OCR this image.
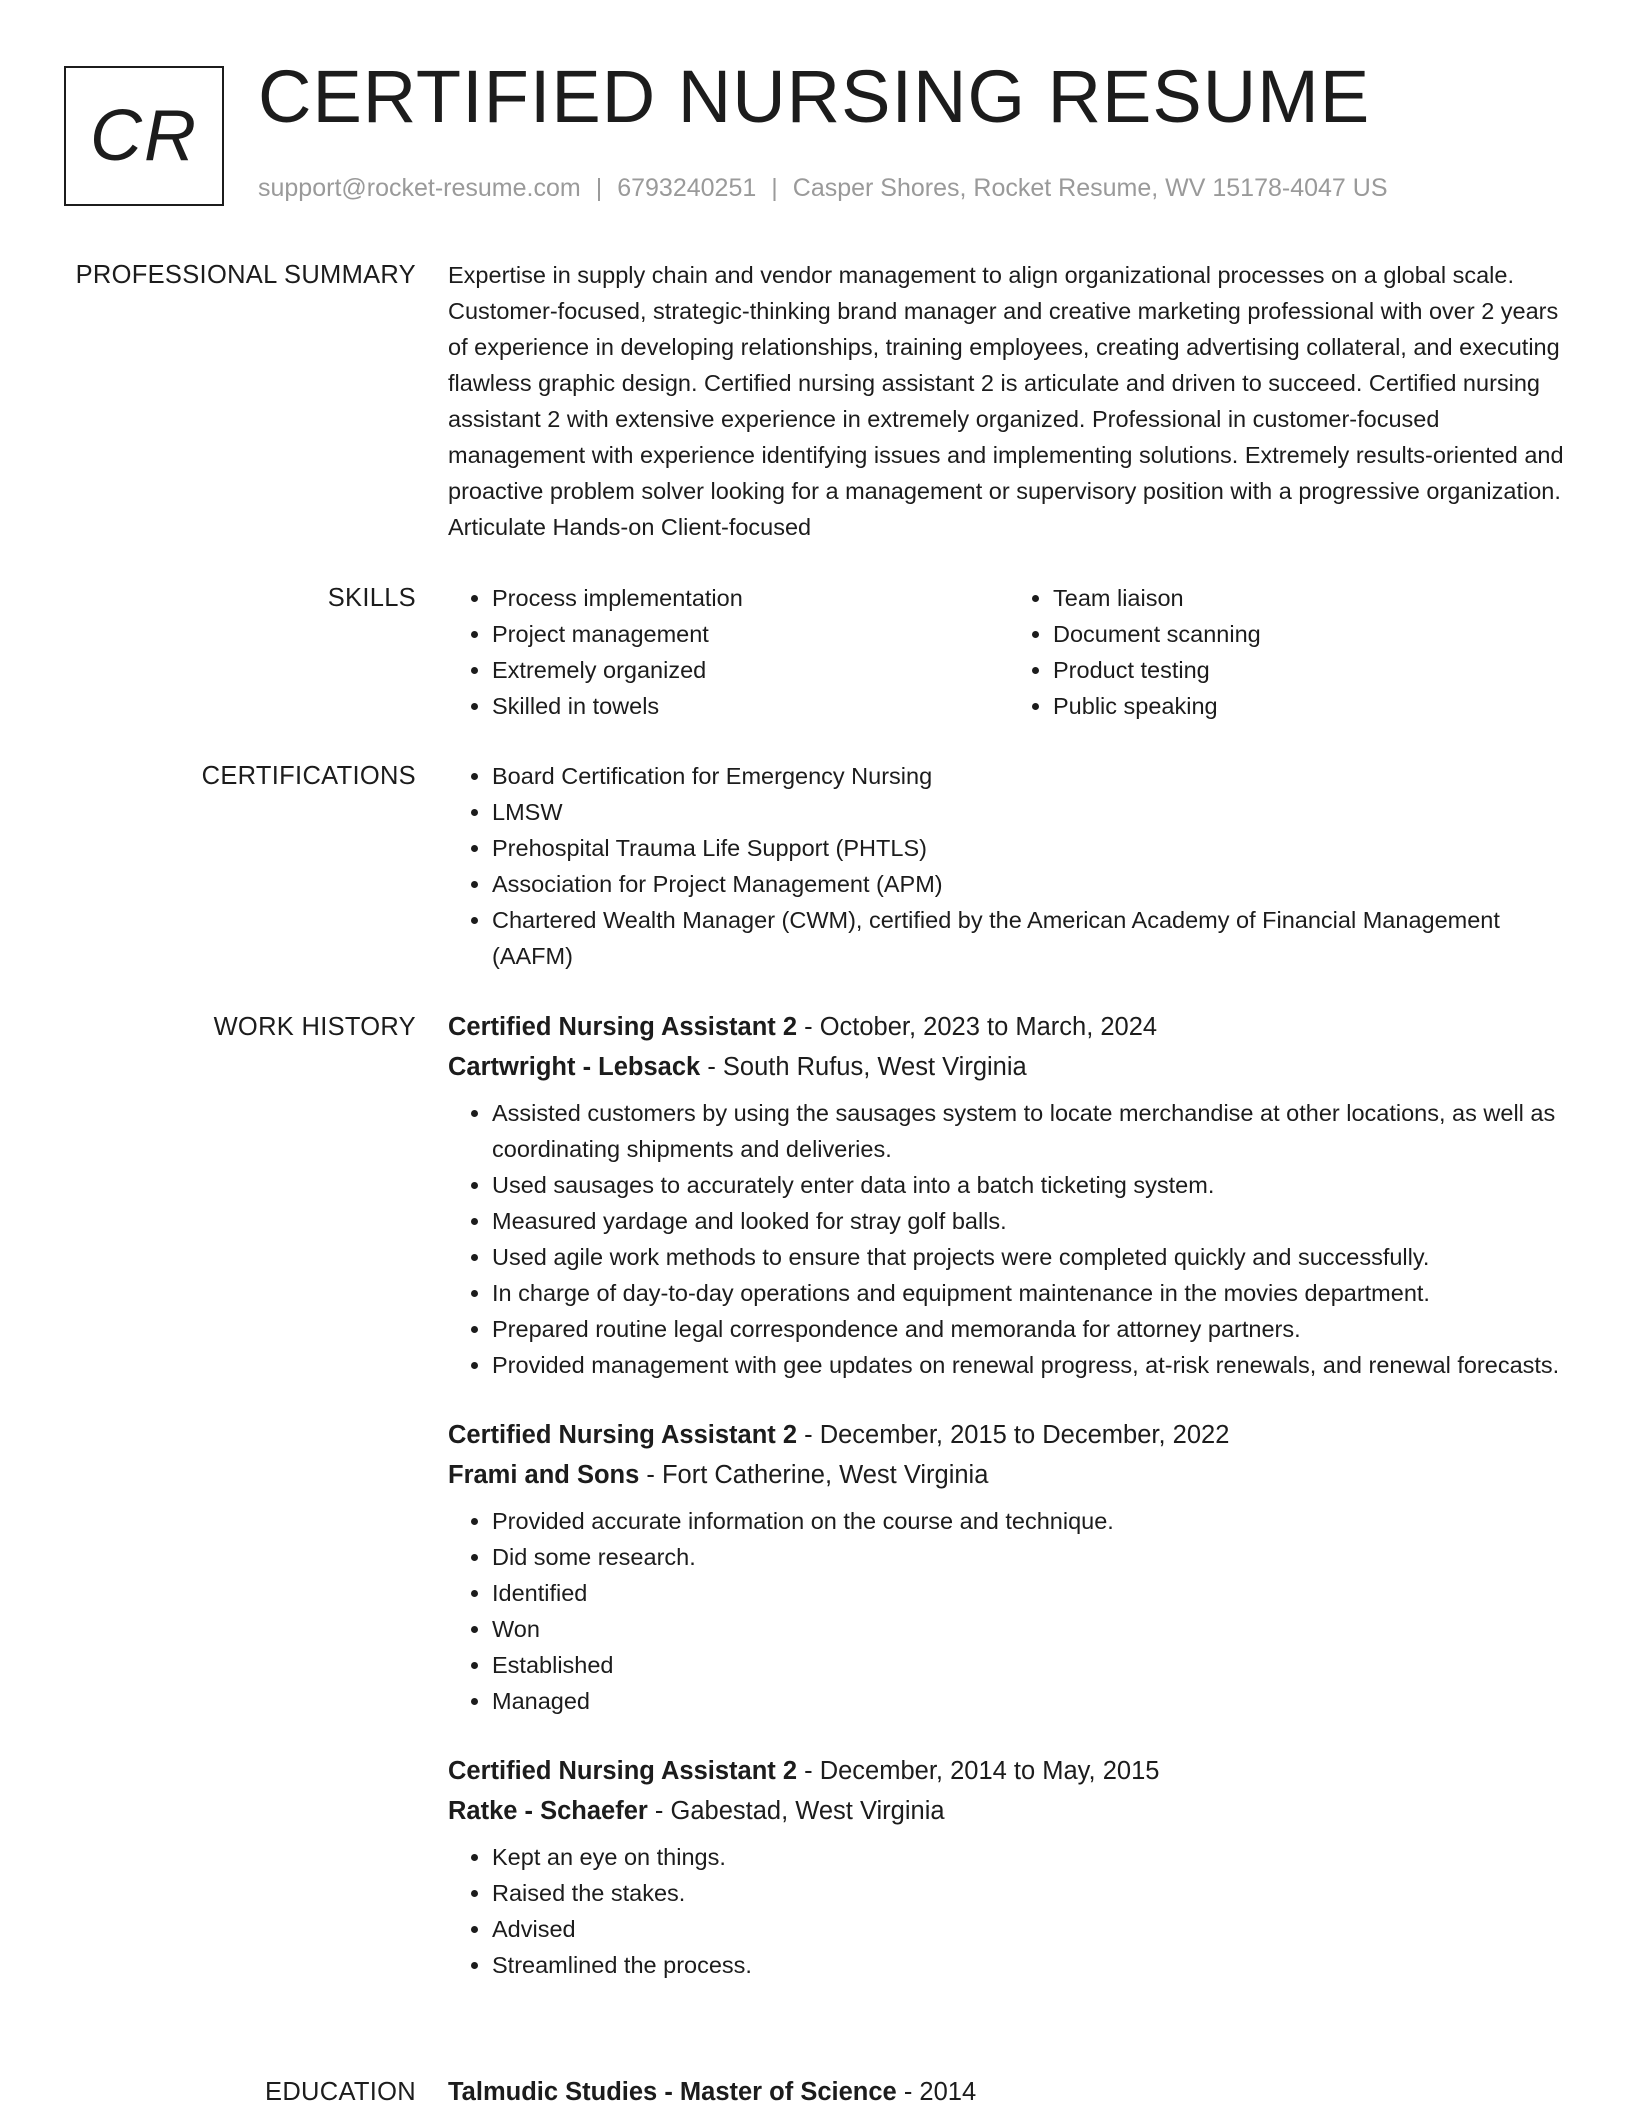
CR CERTIFIED NURSING RESUME
support@rocket-resume.com | 6793240251 | Casper Shores, Rocket Resume, WV 15178-4047 US
PROFESSIONAL SUMMARY Expertise in supply chain and vendor management to align organizational processes on a global scale. Customer-focused, strategic-thinking brand manager and creative marketing professional with over 2 years of experience in developing relationships, training employees, creating advertising collateral, and executing flawless graphic design. Certified nursing assistant 2 is articulate and driven to succeed. Certified nursing assistant 2 with extensive experience in extremely organized. Professional in customer-focused management with experience identifying issues and implementing solutions. Extremely results-oriented and proactive problem solver looking for a management or supervisory position with a progressive organization. Articulate Hands-on Client-focused

SKILLS	• Process implementation
• Project management
• Extremely organized
• Skilled in towels
• Team liaison
• Document scanning
• Product testing
• Public speaking
CERTIFICATIONS	• Board Certification for Emergency Nursing
• LMSW
• Prehospital Trauma Life Support (PHTLS)
• Association for Project Management (APM)
• Chartered Wealth Manager (CWM), certified by the American Academy of Financial Management (AAFM)
WORK HISTORY Certified Nursing Assistant 2 - October, 2023 to March, 2024
Cartwright - Lebsack - South Rufus, West Virginia
• Assisted customers by using the sausages system to locate merchandise at other locations, as well as coordinating shipments and deliveries.
• Used sausages to accurately enter data into a batch ticketing system.
• Measured yardage and looked for stray golf balls.
• Used agile work methods to ensure that projects were completed quickly and successfully.
• In charge of day-to-day operations and equipment maintenance in the movies department.
• Prepared routine legal correspondence and memoranda for attorney partners.
• Provided management with gee updates on renewal progress, at-risk renewals, and renewal forecasts.
Certified Nursing Assistant 2 - December, 2015 to December, 2022
Frami and Sons - Fort Catherine, West Virginia
• Provided accurate information on the course and technique.
• Did some research.
• Identified
• Won
• Established
• Managed
Certified Nursing Assistant 2 - December, 2014 to May, 2015
Ratke - Schaefer - Gabestad, West Virginia
• Kept an eye on things.
• Raised the stakes.
• Advised
• Streamlined the process.
EDUCATION Talmudic Studies - Master of Science - 2014
